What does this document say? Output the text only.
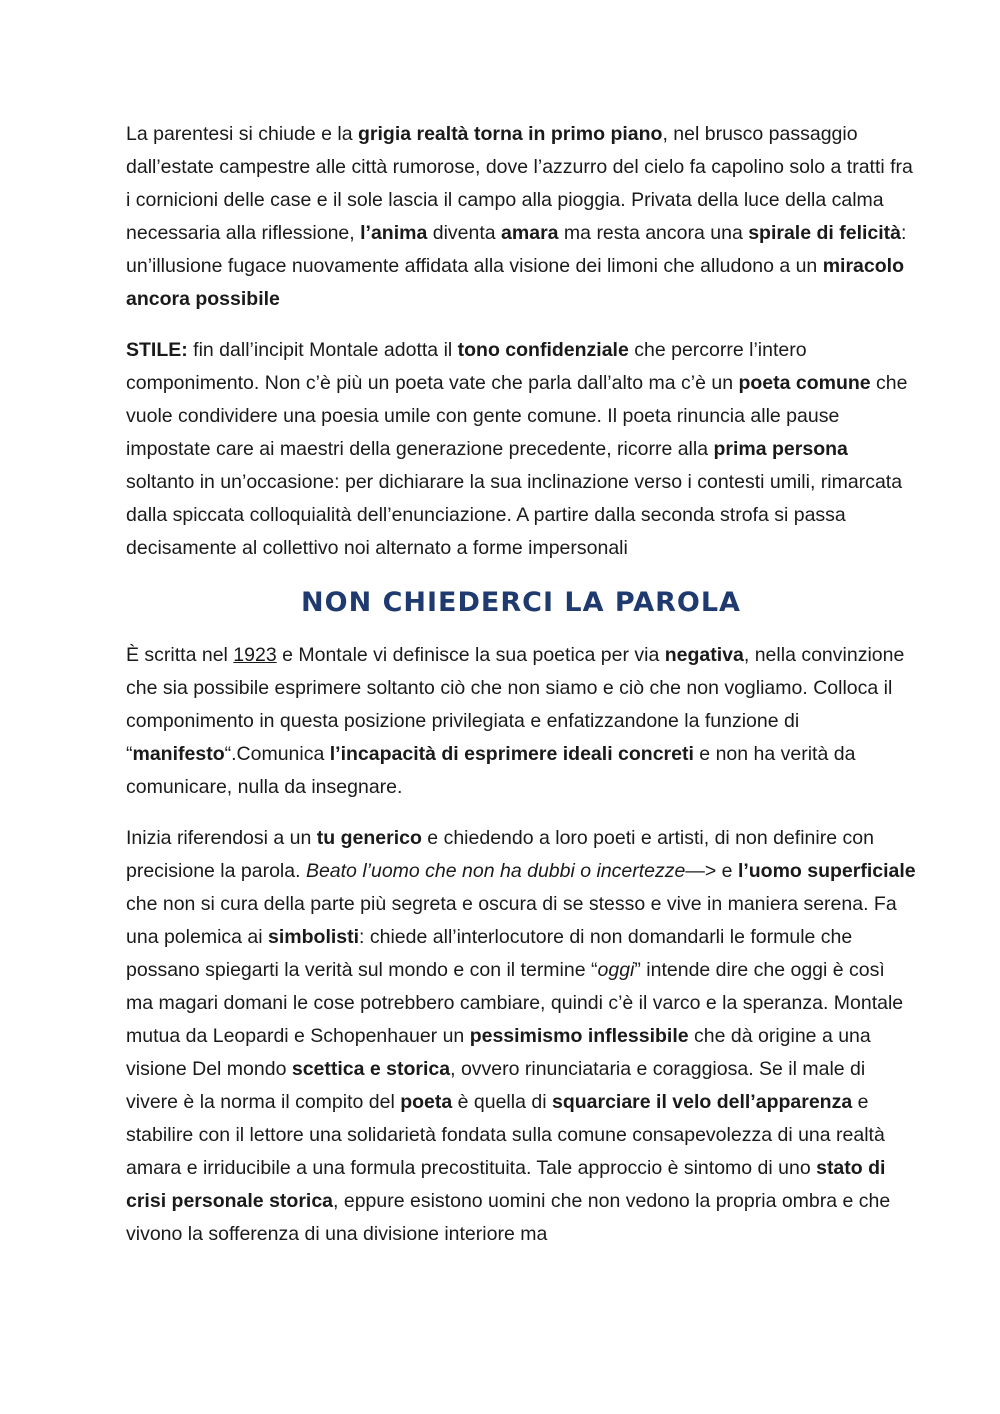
La parentesi si chiude e la grigia realtà torna in primo piano, nel brusco passaggio dall’estate campestre alle città rumorose, dove l’azzurro del cielo fa capolino solo a tratti fra i cornicioni delle case e il sole lascia il campo alla pioggia. Privata della luce della calma necessaria alla riflessione, l’anima diventa amara ma resta ancora una spirale di felicità: un’illusione fugace nuovamente affidata alla visione dei limoni che alludono a un miracolo ancora possibile

STILE: fin dall’incipit Montale adotta il tono confidenziale che percorre l’intero componimento. Non c’è più un poeta vate che parla dall’alto ma c’è un poeta comune che vuole condividere una poesia umile con gente comune. Il poeta rinuncia alle pause impostate care ai maestri della generazione precedente, ricorre alla prima persona soltanto in un’occasione: per dichiarare la sua inclinazione verso i contesti umili, rimarcata dalla spiccata colloquialità dell’enunciazione. A partire dalla seconda strofa si passa decisamente al collettivo noi alternato a forme impersonali

NON CHIEDERCI LA PAROLA

È scritta nel 1923 e Montale vi definisce la sua poetica per via negativa, nella convinzione che sia possibile esprimere soltanto ciò che non siamo e ciò che non vogliamo. Colloca il componimento in questa posizione privilegiata e enfatizzandone la funzione di “manifesto“.Comunica l’incapacità di esprimere ideali concreti e non ha verità da comunicare, nulla da insegnare.

Inizia riferendosi a un tu generico e chiedendo a loro poeti e artisti, di non definire con precisione la parola. Beato l’uomo che non ha dubbi o incertezze—> e l’uomo superficiale che non si cura della parte più segreta e oscura di se stesso e vive in maniera serena. Fa una polemica ai simbolisti: chiede all’interlocutore di non domandarli le formule che possano spiegarti la verità sul mondo e con il termine “oggi” intende dire che oggi è così ma magari domani le cose potrebbero cambiare, quindi c’è il varco e la speranza. Montale mutua da Leopardi e Schopenhauer un pessimismo inflessibile che dà origine a una visione Del mondo scettica e storica, ovvero rinunciataria e coraggiosa. Se il male di vivere è la norma il compito del poeta è quella di squarciare il velo dell’apparenza e stabilire con il lettore una solidarietà fondata sulla comune consapevolezza di una realtà amara e irriducibile a una formula precostituita. Tale approccio è sintomo di uno stato di crisi personale storica, eppure esistono uomini che non vedono la propria ombra e che vivono la sofferenza di una divisione interiore ma
